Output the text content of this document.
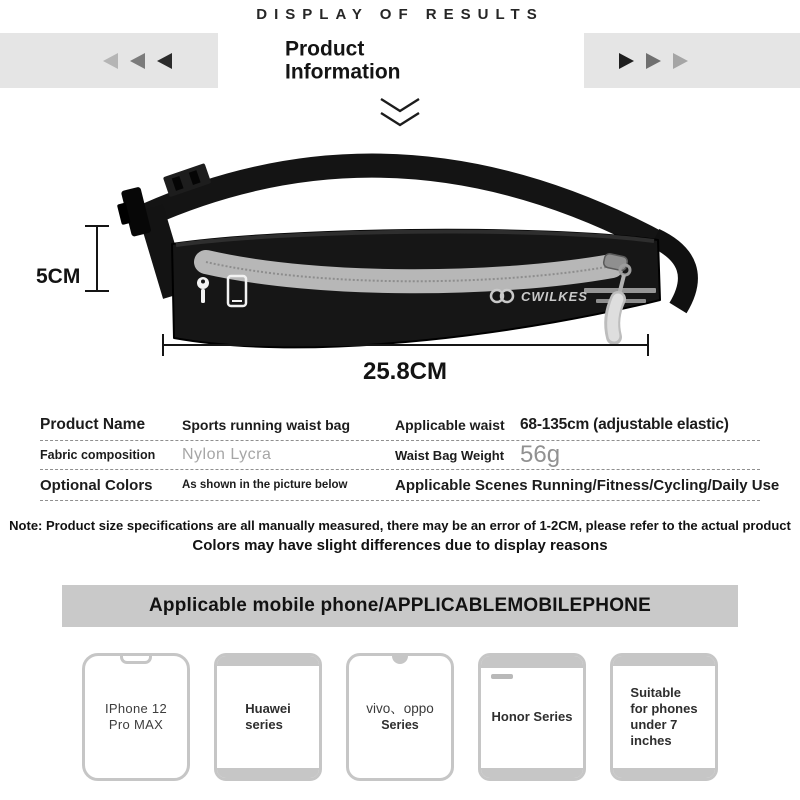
DISPLAY OF RESULTS
Product
Information
CWILKES
5CM
25.8CM
Product Name	Sports running waist bag	Applicable waist 68-135cm (adjustable elastic)
Fabric composition	Nylon Lycra	Waist Bag Weight 56g
Optional Colors	As shown in the picture below	Applicable Scenes Running/Fitness/Cycling/Daily Use
Note: Product size specifications are all manually measured, there may be an error of 1-2CM, please refer to the actual product
Colors may have slight differences due to display reasons
Applicable mobile phone/APPLICABLEMOBILEPHONE
IPhone 12
Pro MAX
Huawei
series
vivo、oppo
Series
Honor Series
Suitable
for phones
under 7
inches
